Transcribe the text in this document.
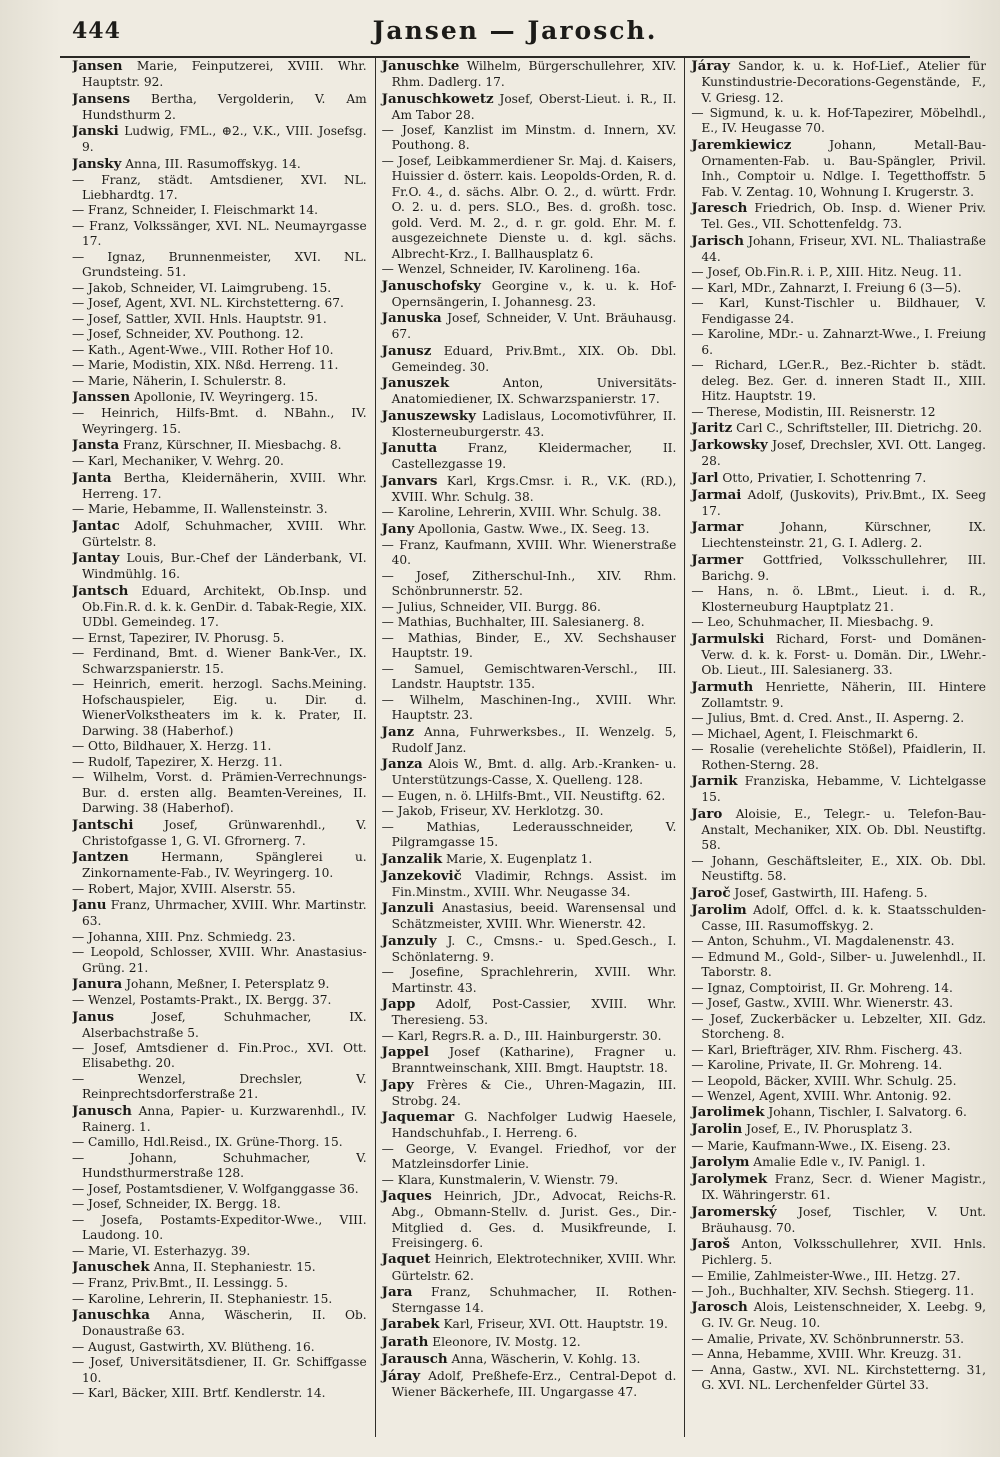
444	Jansen — Jarosch.

Jansen Marie, Feinputzerei, XVIII. Whr. Hauptstr. 92.

Jansens Bertha, Vergolderin, V. Am Hundsthurm 2.

Janski Ludwig, FML., ⊕2., V.K., VIII. Josefsg. 9.

Jansky Anna, III. Rasumoffskyg. 14.

— Franz, städt. Amtsdiener, XVI. NL. Liebhardtg. 17.

— Franz, Schneider, I. Fleischmarkt 14.

— Franz, Volkssänger, XVI. NL. Neumayrgasse 17.

— Ignaz, Brunnenmeister, XVI. NL. Grundsteing. 51.

— Jakob, Schneider, VI. Laimgrubeng. 15.

— Josef, Agent, XVI. NL. Kirchstetterng. 67.

— Josef, Sattler, XVII. Hnls. Hauptstr. 91.

— Josef, Schneider, XV. Pouthong. 12.

— Kath., Agent-Wwe., VIII. Rother Hof 10.

— Marie, Modistin, XIX. Nßd. Herreng. 11.

— Marie, Näherin, I. Schulerstr. 8.

Janssen Apollonie, IV. Weyringerg. 15.

— Heinrich, Hilfs-Bmt. d. NBahn., IV. Weyringerg. 15.

Jansta Franz, Kürschner, II. Miesbachg. 8.

— Karl, Mechaniker, V. Wehrg. 20.

Janta Bertha, Kleidernäherin, XVIII. Whr. Herreng. 17.

— Marie, Hebamme, II. Wallensteinstr. 3.

Jantac Adolf, Schuhmacher, XVIII. Whr. Gürtelstr. 8.

Jantay Louis, Bur.-Chef der Länderbank, VI. Windmühlg. 16.

Jantsch Eduard, Architekt, Ob.Insp. und Ob.Fin.R. d. k. k. GenDir. d. Tabak-Regie, XIX. UDbl. Gemeindeg. 17.

— Ernst, Tapezirer, IV. Phorusg. 5.

— Ferdinand, Bmt. d. Wiener Bank-Ver., IX. Schwarzspanierstr. 15.

— Heinrich, emerit. herzogl. Sachs.Meining. Hofschauspieler, Eig. u. Dir. d. WienerVolkstheaters im k. k. Prater, II. Darwing. 38 (Haberhof.)

— Otto, Bildhauer, X. Herzg. 11.

— Rudolf, Tapezirer, X. Herzg. 11.

— Wilhelm, Vorst. d. Prämien-Verrechnungs-Bur. d. ersten allg. Beamten-Vereines, II. Darwing. 38 (Haberhof).

Jantschi	Josef, Grünwarenhdl., V. Christofgasse 1, G. VI. Gfrornerg. 7.

Jantzen	Hermann, Spänglerei u. Zinkornamente-Fab., IV. Weyringerg. 10.

— Robert, Major, XVIII. Alserstr. 55.

Janu Franz, Uhrmacher, XVIII. Whr. Martinstr. 63.

— Johanna, XIII. Pnz. Schmiedg. 23.

— Leopold, Schlosser, XVIII. Whr. Anastasius-Grüng. 21.

Janura Johann, Meßner, I. Petersplatz 9.

— Wenzel, Postamts-Prakt., IX. Bergg. 37.

Janus	Josef, Schuhmacher, IX. Alserbachstraße 5.

— Josef, Amtsdiener d. Fin.Proc., XVI. Ott. Elisabethg. 20.

— Wenzel, Drechsler, V. Reinprechtsdorferstraße 21.

Janusch Anna, Papier- u. Kurzwarenhdl., IV. Rainerg. 1.

— Camillo, Hdl.Reisd., IX. Grüne-Thorg. 15.

— Johann, Schuhmacher, V. Hundsthurmerstraße 128.

— Josef, Postamtsdiener, V. Wolfganggasse 36.

— Josef, Schneider, IX. Bergg. 18.

— Josefa, Postamts-Expeditor-Wwe., VIII. Laudong. 10.

— Marie, VI. Esterhazyg. 39.

Januschek Anna, II. Stephaniestr. 15.

— Franz, Priv.Bmt., II. Lessingg. 5.

— Karoline, Lehrerin, II. Stephaniestr. 15.

Januschka Anna, Wäscherin, II. Ob. Donaustraße 63.

— August, Gastwirth, XV. Blütheng. 16.

— Josef, Universitätsdiener, II. Gr. Schiffgasse 10.

— Karl, Bäcker, XIII. Brtf. Kendlerstr. 14.

Januschke Wilhelm, Bürgerschullehrer, XIV. Rhm. Dadlerg. 17.

Januschkowetz Josef, Oberst-Lieut. i. R., II. Am Tabor 28.

— Josef, Kanzlist im Minstm. d. Innern, XV. Pouthong. 8.

— Josef, Leibkammerdiener Sr. Maj. d. Kaisers, Huissier d. österr. kais. Leopolds-Orden, R. d. Fr.O. 4., d. sächs. Albr. O. 2., d. württ. Frdr. O. 2. u. d. pers. SLO., Bes. d. großh. tosc. gold. Verd. M. 2., d. r. gr. gold. Ehr. M. f. ausgezeichnete Dienste u. d. kgl. sächs. Albrecht-Krz., I. Ballhausplatz 6.

— Wenzel, Schneider, IV. Karolineng. 16a.

Januschofsky Georgine v., k. u. k. Hof-Opernsängerin, I. Johannesg. 23.

Januska Josef, Schneider, V. Unt. Bräuhausg. 67.

Janusz Eduard, Priv.Bmt., XIX. Ob. Dbl. Gemeindeg. 30.

Januszek	Anton, Universitäts-Anatomiediener, IX. Schwarzspanierstr. 17.

Januszewsky Ladislaus, Locomotivführer, II. Klosterneuburgerstr. 43.

Janutta	Franz, Kleidermacher, II. Castellezgasse 19.

Janvars Karl, Krgs.Cmsr. i. R., V.K. (RD.), XVIII. Whr. Schulg. 38.

— Karoline, Lehrerin, XVIII. Whr. Schulg. 38.

Jany Apollonia, Gastw. Wwe., IX. Seeg. 13.

— Franz, Kaufmann, XVIII. Whr. Wienerstraße 40.

— Josef, Zitherschul-Inh., XIV. Rhm. Schönbrunnerstr. 52.

— Julius, Schneider, VII. Burgg. 86.

— Mathias, Buchhalter, III. Salesianerg. 8.

— Mathias, Binder, E., XV. Sechshauser Hauptstr. 19.

— Samuel, Gemischtwaren-Verschl., III. Landstr. Hauptstr. 135.

— Wilhelm, Maschinen-Ing., XVIII. Whr. Hauptstr. 23.

Janz Anna, Fuhrwerksbes., II. Wenzelg. 5, Rudolf Janz.

Janza Alois W., Bmt. d. allg. Arb.-Kranken- u. Unterstützungs-Casse, X. Quelleng. 128.

— Eugen, n. ö. LHilfs-Bmt., VII. Neustiftg. 62.

— Jakob, Friseur, XV. Herklotzg. 30.

— Mathias, Lederausschneider, V. Pilgramgasse 15.

Janzalik Marie, X. Eugenplatz 1.

Janzekovič Vladimir, Rchngs. Assist. im Fin.Minstm., XVIII. Whr. Neugasse 34.

Janzuli Anastasius, beeid. Warensensal und Schätzmeister, XVIII. Whr. Wienerstr. 42.

Janzuly J. C., Cmsns.- u. Sped.Gesch., I. Schönlaterng. 9.

— Josefine, Sprachlehrerin, XVIII. Whr. Martinstr. 43.

Japp Adolf, Post-Cassier, XVIII. Whr. Theresieng. 53.

— Karl, Regrs.R. a. D., III. Hainburgerstr. 30.

Jappel Josef (Katharine), Fragner u. Branntweinschank, XIII. Bmgt. Hauptstr. 18.

Japy Frères & Cie., Uhren-Magazin, III. Strobg. 24.

Jaquemar G. Nachfolger Ludwig Haesele, Handschuhfab., I. Herreng. 6.

— George, V. Evangel. Friedhof, vor der Matzleinsdorfer Linie.

— Klara, Kunstmalerin, V. Wienstr. 79.

Jaques Heinrich, JDr., Advocat, Reichs-R. Abg., Obmann-Stellv. d. Jurist. Ges., Dir.-Mitglied d. Ges. d. Musikfreunde, I. Freisingerg. 6.

Jaquet Heinrich, Elektrotechniker, XVIII. Whr. Gürtelstr. 62.

Jara Franz, Schuhmacher, II. Rothen-Sterngasse 14.

Jarabek Karl, Friseur, XVI. Ott. Hauptstr. 19.

Jarath Eleonore, IV. Mostg. 12.

Jarausch Anna, Wäscherin, V. Kohlg. 13.

Járay Adolf, Preßhefe-Erz., Central-Depot d. Wiener Bäckerhefe, III. Ungargasse 47.

Járay Sandor, k. u. k. Hof-Lief., Atelier für Kunstindustrie-Decorations-Gegenstände, F., V. Griesg. 12.

— Sigmund, k. u. k. Hof-Tapezirer, Möbelhdl., E., IV. Heugasse 70.

Jaremkiewicz	Johann, Metall-Bau-Ornamenten-Fab. u. Bau-Spängler, Privil. Inh., Comptoir u. Ndlge. I. Tegetthoffstr. 5 Fab. V. Zentag. 10, Wohnung I. Krugerstr. 3.

Jaresch Friedrich, Ob. Insp. d. Wiener Priv. Tel. Ges., VII. Schottenfeldg. 73.

Jarisch Johann, Friseur, XVI. NL. Thaliastraße 44.

— Josef, Ob.Fin.R. i. P., XIII. Hitz. Neug. 11.

— Karl, MDr., Zahnarzt, I. Freiung 6 (3—5).

— Karl, Kunst-Tischler u. Bildhauer, V. Fendigasse 24.

— Karoline, MDr.- u. Zahnarzt-Wwe., I. Freiung 6.

— Richard, LGer.R., Bez.-Richter b. städt. deleg. Bez. Ger. d. inneren Stadt II., XIII. Hitz. Hauptstr. 19.

— Therese, Modistin, III. Reisnerstr. 12

Jaritz Carl C., Schriftsteller, III. Dietrichg. 20.

Jarkowsky Josef, Drechsler, XVI. Ott. Langeg. 28.

Jarl Otto, Privatier, I. Schottenring 7.

Jarmai Adolf, (Juskovits), Priv.Bmt., IX. Seeg 17.

Jarmar	Johann, Kürschner, IX. Liechtensteinstr. 21, G. I. Adlerg. 2.

Jarmer Gottfried, Volksschullehrer, III. Barichg. 9.

— Hans, n. ö. LBmt., Lieut. i. d. R., Klosterneuburg Hauptplatz 21.

— Leo, Schuhmacher, II. Miesbachg. 9.

Jarmulski Richard, Forst- und Domänen-Verw. d. k. k. Forst- u. Domän. Dir., LWehr.-Ob. Lieut., III. Salesianerg. 33.

Jarmuth Henriette, Näherin, III. Hintere Zollamtstr. 9.

— Julius, Bmt. d. Cred. Anst., II. Asperng. 2.

— Michael, Agent, I. Fleischmarkt 6.

— Rosalie (verehelichte Stößel), Pfaidlerin, II. Rothen-Sterng. 28.

Jarnik Franziska, Hebamme, V. Lichtelgasse 15.

Jaro Aloisie, E., Telegr.- u. Telefon-Bau-Anstalt, Mechaniker, XIX. Ob. Dbl. Neustiftg. 58.

— Johann, Geschäftsleiter, E., XIX. Ob. Dbl. Neustiftg. 58.

Jaroč Josef, Gastwirth, III. Hafeng. 5.

Jarolim Adolf, Offcl. d. k. k. Staatsschulden-Casse, III. Rasumoffskyg. 2.

— Anton, Schuhm., VI. Magdalenenstr. 43.

— Edmund M., Gold-, Silber- u. Juwelenhdl., II. Taborstr. 8.

— Ignaz, Comptoirist, II. Gr. Mohreng. 14.

— Josef, Gastw., XVIII. Whr. Wienerstr. 43.

— Josef, Zuckerbäcker u. Lebzelter, XII. Gdz. Storcheng. 8.

— Karl, Briefträger, XIV. Rhm. Fischerg. 43.

— Karoline, Private, II. Gr. Mohreng. 14.

— Leopold, Bäcker, XVIII. Whr. Schulg. 25.

— Wenzel, Agent, XVIII. Whr. Antonig. 92.

Jarolimek Johann, Tischler, I. Salvatorg. 6.

Jarolin Josef, E., IV. Phorusplatz 3.

— Marie, Kaufmann-Wwe., IX. Eiseng. 23.

Jarolym Amalie Edle v., IV. Panigl. 1.

Jarolymek Franz, Secr. d. Wiener Magistr., IX. Währingerstr. 61.

Jaromerský Josef, Tischler, V. Unt. Bräuhausg. 70.

Jaroš Anton, Volksschullehrer, XVII. Hnls. Pichlerg. 5.

— Emilie, Zahlmeister-Wwe., III. Hetzg. 27.

— Joh., Buchhalter, XIV. Sechsh. Stiegerg. 11.

Jarosch Alois, Leistenschneider, X. Leebg. 9, G. IV. Gr. Neug. 10.

— Amalie, Private, XV. Schönbrunnerstr. 53.

— Anna, Hebamme, XVIII. Whr. Kreuzg. 31.

— Anna, Gastw., XVI. NL. Kirchstetterng. 31, G. XVI. NL. Lerchenfelder Gürtel 33.
